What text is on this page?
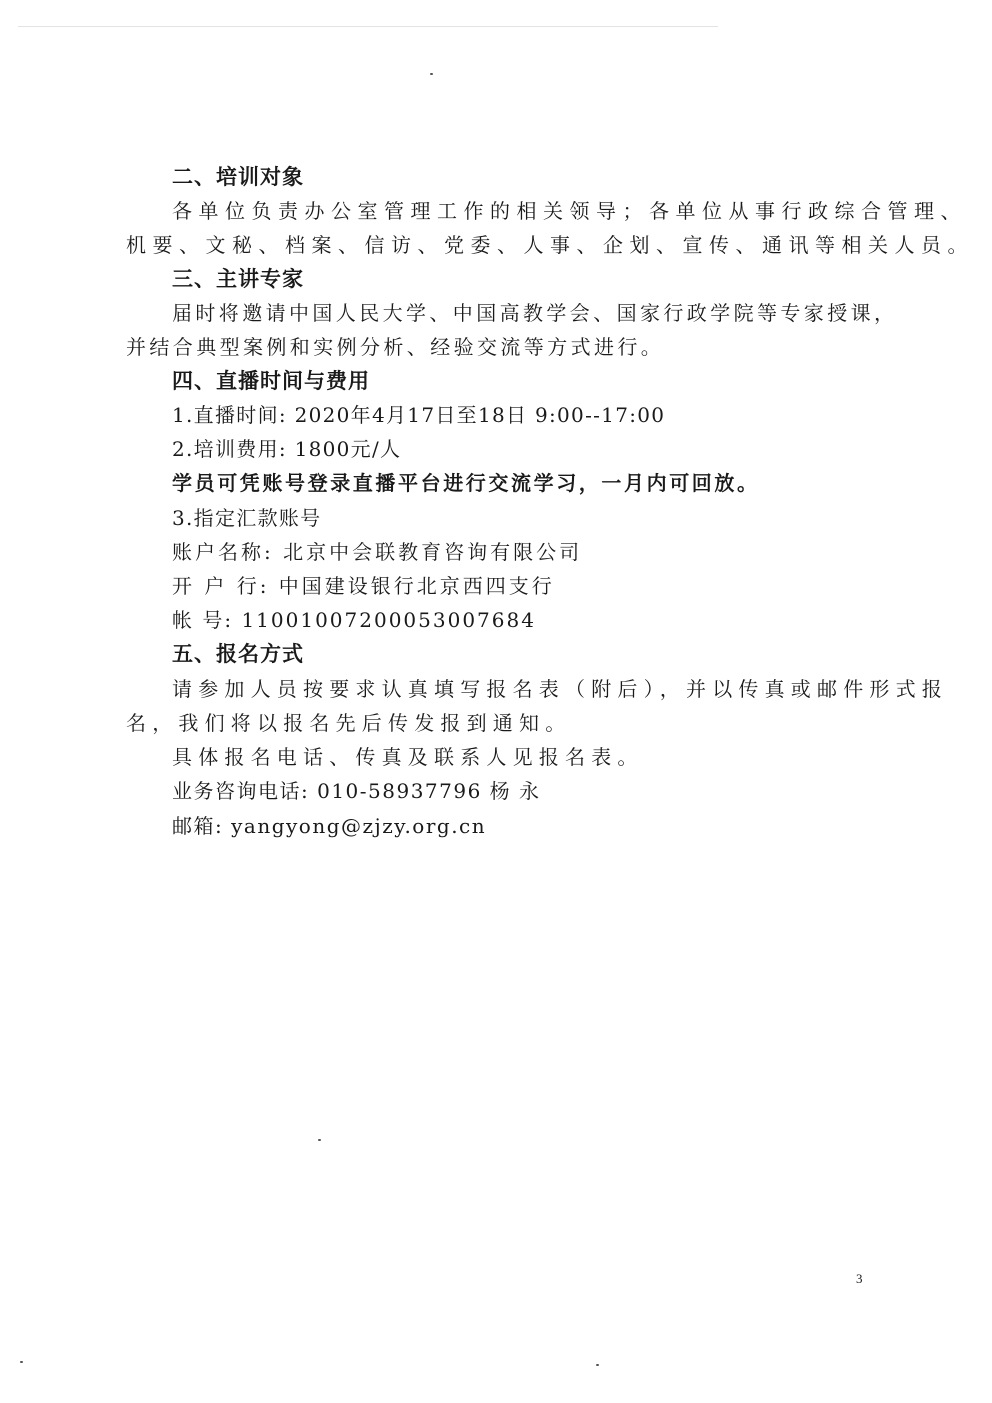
二、培训对象
各单位负责办公室管理工作的相关领导；各单位从事行政综合管理、
机要、文秘、档案、信访、党委、人事、企划、宣传、通讯等相关人员。
三、主讲专家
届时将邀请中国人民大学、中国高教学会、国家行政学院等专家授课，
并结合典型案例和实例分析、经验交流等方式进行。
四、直播时间与费用
1.直播时间: 2020年4月17日至18日 9:00--17:00
2.培训费用: 1800元/人
学员可凭账号登录直播平台进行交流学习，一月内可回放。
3.指定汇款账号
账户名称: 北京中会联教育咨询有限公司
开 户 行: 中国建设银行北京西四支行
帐 号: 11001007200053007684
五、报名方式
请参加人员按要求认真填写报名表（附后），并以传真或邮件形式报
名，我们将以报名先后传发报到通知。
具体报名电话、传真及联系人见报名表。
业务咨询电话: 010-58937796 杨 永
邮箱: yangyong@zjzy.org.cn
3
